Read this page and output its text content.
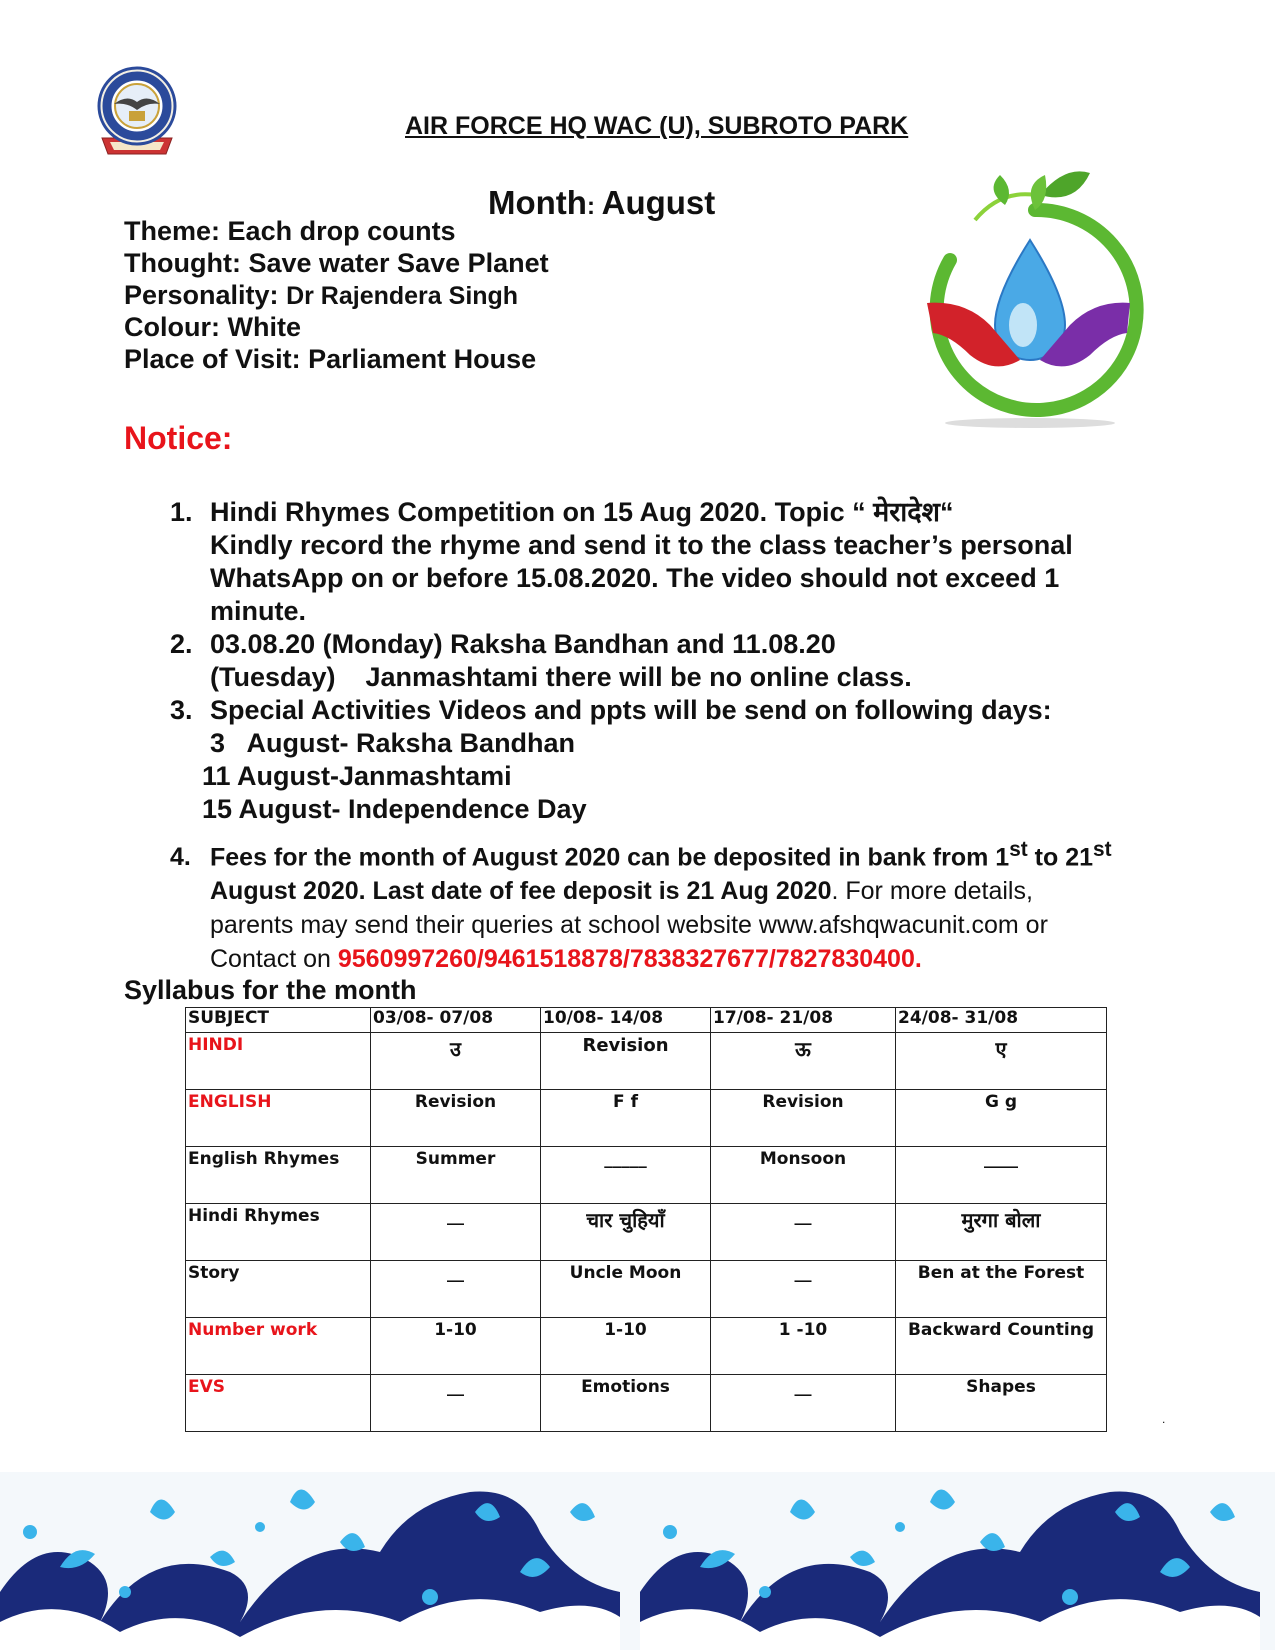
AIR FORCE HQ WAC (U), SUBROTO PARK
Month: August
Theme: Each drop counts
Thought: Save water Save Planet
Personality: Dr Rajendera Singh
Colour: White
Place of Visit: Parliament House
Notice:
1. Hindi Rhymes Competition on 15 Aug 2020. Topic “ मेरादेश“
Kindly record the rhyme and send it to the class teacher’s personal
WhatsApp on or before 15.08.2020. The video should not exceed 1
minute.
2. 03.08.20 (Monday) Raksha Bandhan and 11.08.20
(Tuesday)    Janmashtami there will be no online class.
3. Special Activities Videos and ppts will be send on following days:
3   August- Raksha Bandhan
11 August-Janmashtami
15 August- Independence Day
4. Fees for the month of August 2020 can be deposited in bank from 1st to 21st
August 2020. Last date of fee deposit is 21 Aug 2020. For more details,
parents may send their queries at school website www.afshqwacunit.com or
Contact on 9560997260/9461518878/7838327677/7827830400.
Syllabus for the month
SUBJECT	03/08- 07/08	10/08- 14/08	17/08- 21/08	24/08- 31/08
HINDI	उ	Revision	ऊ	ए
ENGLISH	Revision	F f	Revision	G g
English Rhymes	Summer	_____	Monsoon	____
Hindi Rhymes	__	चार चुहियाँ	__	मुरगा बोला
Story	__	Uncle Moon	__	Ben at the Forest
Number work	1-10	1-10	1 -10	Backward Counting
EVS	__	Emotions	__	Shapes
.
